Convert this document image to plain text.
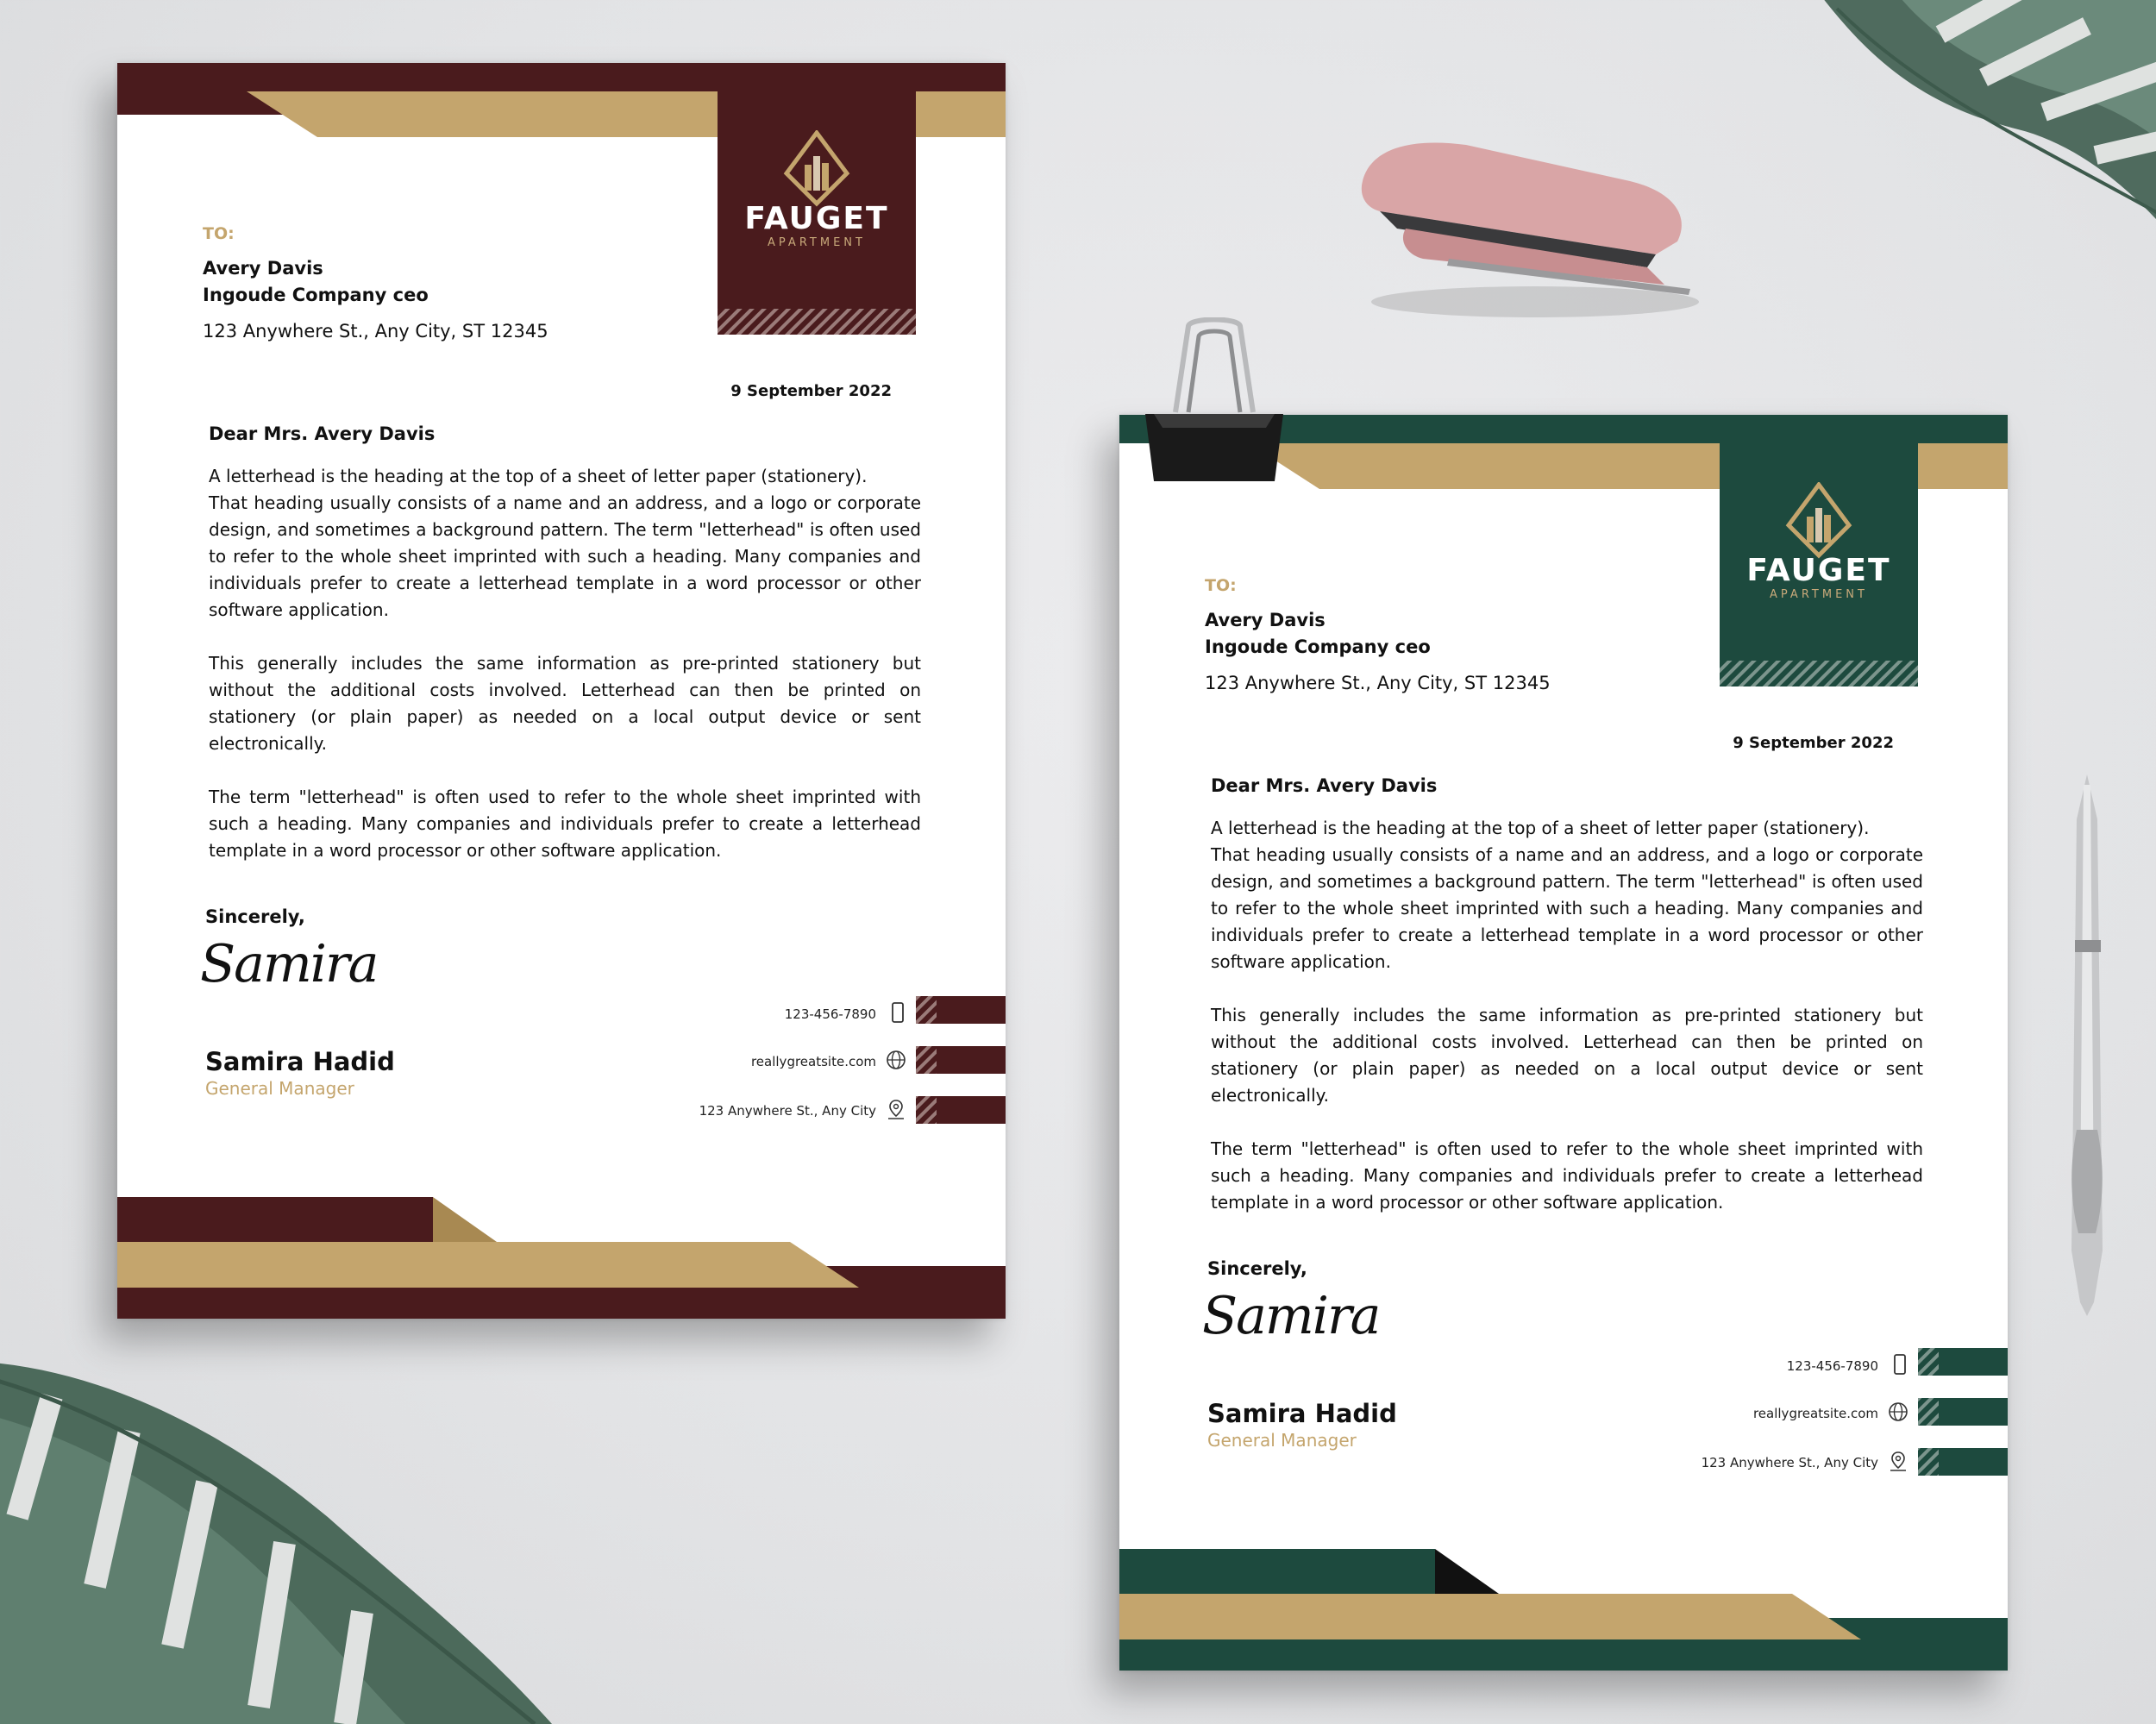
FAUGET
APARTMENT
TO:
Avery Davis
Ingoude Company ceo
123 Anywhere St., Any City, ST 12345
9 September 2022
Dear Mrs. Avery Davis

A letterhead is the heading at the top of a sheet of letter paper (stationery).

That heading usually consists of a name and an address, and a logo or corporate design, and sometimes a background pattern. The term "letterhead" is often used to refer to the whole sheet imprinted with such a heading. Many companies and individuals prefer to create a letterhead template in a word processor or other software application.

This generally includes the same information as pre-printed stationery but without the additional costs involved. Letterhead can then be printed on stationery (or plain paper) as needed on a local output device or sent electronically.

The term "letterhead" is often used to refer to the whole sheet imprinted with such a heading. Many companies and individuals prefer to create a letterhead template in a word processor or other software application.

Sincerely,
Samira
Samira Hadid
General Manager
123-456-7890
reallygreatsite.com
123 Anywhere St., Any City
FAUGET
APARTMENT
TO:
Avery Davis
Ingoude Company ceo
123 Anywhere St., Any City, ST 12345
9 September 2022
Dear Mrs. Avery Davis

A letterhead is the heading at the top of a sheet of letter paper (stationery).

That heading usually consists of a name and an address, and a logo or corporate design, and sometimes a background pattern. The term "letterhead" is often used to refer to the whole sheet imprinted with such a heading. Many companies and individuals prefer to create a letterhead template in a word processor or other software application.

This generally includes the same information as pre-printed stationery but without the additional costs involved. Letterhead can then be printed on stationery (or plain paper) as needed on a local output device or sent electronically.

The term "letterhead" is often used to refer to the whole sheet imprinted with such a heading. Many companies and individuals prefer to create a letterhead template in a word processor or other software application.

Sincerely,
Samira
Samira Hadid
General Manager
123-456-7890
reallygreatsite.com
123 Anywhere St., Any City
